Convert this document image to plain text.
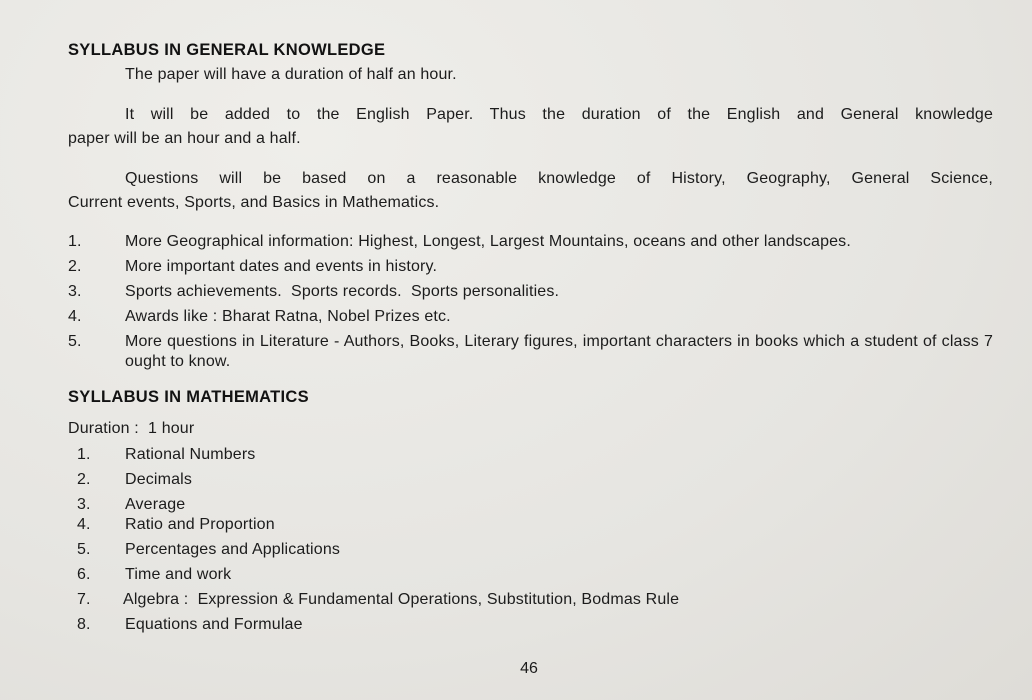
SYLLABUS IN GENERAL KNOWLEDGE
The paper will have a duration of half an hour.
It will be added to the English Paper. Thus the duration of the English and General knowledge
paper will be an hour and a half.
Questions will be based on a reasonable knowledge of History, Geography, General Science,
Current events, Sports, and Basics in Mathematics.
1.	More Geographical information: Highest, Longest, Largest Mountains, oceans and other landscapes.
2.	More important dates and events in history.
3.	Sports achievements.  Sports records.  Sports personalities.
4.	Awards like : Bharat Ratna, Nobel Prizes etc.
5.	More questions in Literature - Authors, Books, Literary figures, important characters in books which a student of class 7 ought to know.
SYLLABUS IN MATHEMATICS
Duration :  1 hour
1. Rational Numbers
2. Decimals
3. Average
4. Ratio and Proportion
5. Percentages and Applications
6. Time and work
7. Algebra :  Expression & Fundamental Operations, Substitution, Bodmas Rule
8. Equations and Formulae
46
